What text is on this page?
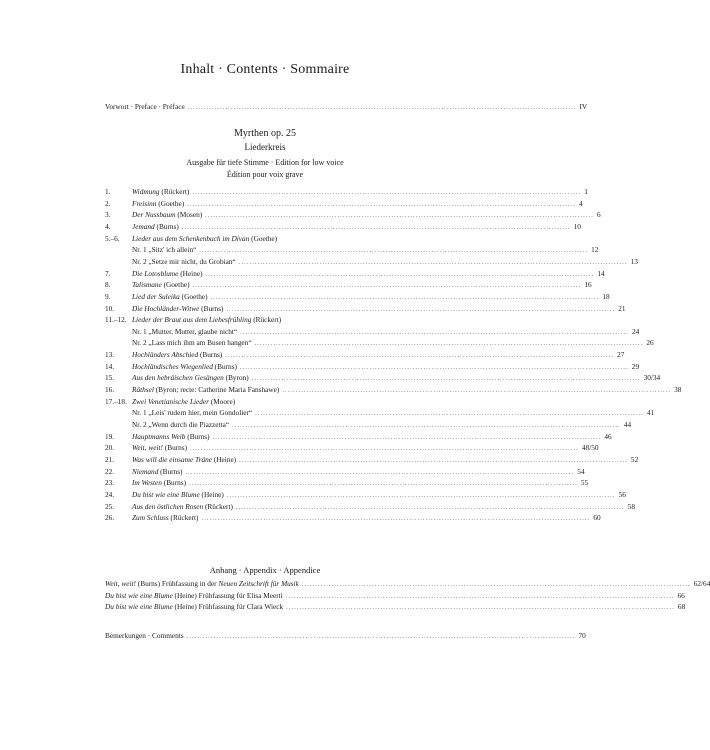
Inhalt · Contents · Sommaire
Vorwort · Preface · Préface ................................................................................................................................................ IV
Myrthen op. 25
Liederkreis
Ausgabe für tiefe Stimme · Edition for low voice
Édition pour voix grave
1.	Widmung (Rückert) ................................................................................................................................................ 1
2.	Freisinn (Goethe) ................................................................................................................................................ 4
3.	Der Nussbaum (Mosen) ................................................................................................................................................ 6
4.	Jemand (Burns) ................................................................................................................................................ 10
5.–6. Lieder aus dem Schenkenbuch im Divan (Goethe)
Nr. 1 „Sitz' ich allein“ ................................................................................................................................................ 12
Nr. 2 „Setze mir nicht, du Grobian“ ................................................................................................................................................ 13
7.	Die Lotosblume (Heine) ................................................................................................................................................ 14
8.	Talismane (Goethe) ................................................................................................................................................ 16
9.	Lied der Suleika (Goethe) ................................................................................................................................................ 18
10. Die Hochländer-Witwe (Burns) ................................................................................................................................................ 21
11.–12. Lieder der Braut aus dem Liebesfrühling (Rückert)
Nr. 1 „Mutter, Mutter, glaube nicht“ ................................................................................................................................................ 24
Nr. 2 „Lass mich ihm am Busen hangen“ ................................................................................................................................................ 26
13. Hochländers Abschied (Burns) ................................................................................................................................................ 27
14. Hochländisches Wiegenlied (Burns) ................................................................................................................................................ 29
15. Aus den hebräischen Gesängen (Byron) ................................................................................................................................................ 30/34
16. Räthsel (Byron; recte: Catherine Maria Fanshawe) ................................................................................................................................................ 38
17.–18. Zwei Venetianische Lieder (Moore)
Nr. 1 „Leis' rudern hier, mein Gondolier“ ................................................................................................................................................ 41
Nr. 2 „Wenn durch die Piazzetta“ ................................................................................................................................................ 44
19. Hauptmanns Weib (Burns) ................................................................................................................................................ 46
20. Weit, weit! (Burns) ................................................................................................................................................ 48/50
21. Was will die einsame Träne (Heine) ................................................................................................................................................ 52
22. Niemand (Burns) ................................................................................................................................................ 54
23. Im Westen (Burns) ................................................................................................................................................ 55
24. Du bist wie eine Blume (Heine) ................................................................................................................................................ 56
25. Aus den östlichen Rosen (Rückert) ................................................................................................................................................ 58
26. Zum Schluss (Rückert) ................................................................................................................................................ 60
Anhang · Appendix · Appendice
Weit, weit! (Burns) Frühfassung in der Neuen Zeitschrift für Musik ................................................................................................................................................ 62/64
Du bist wie eine Blume (Heine) Frühfassung für Elisa Meerti ................................................................................................................................................ 66
Du bist wie eine Blume (Heine) Frühfassung für Clara Wieck ................................................................................................................................................ 68
Bemerkungen · Comments ................................................................................................................................................ 70
